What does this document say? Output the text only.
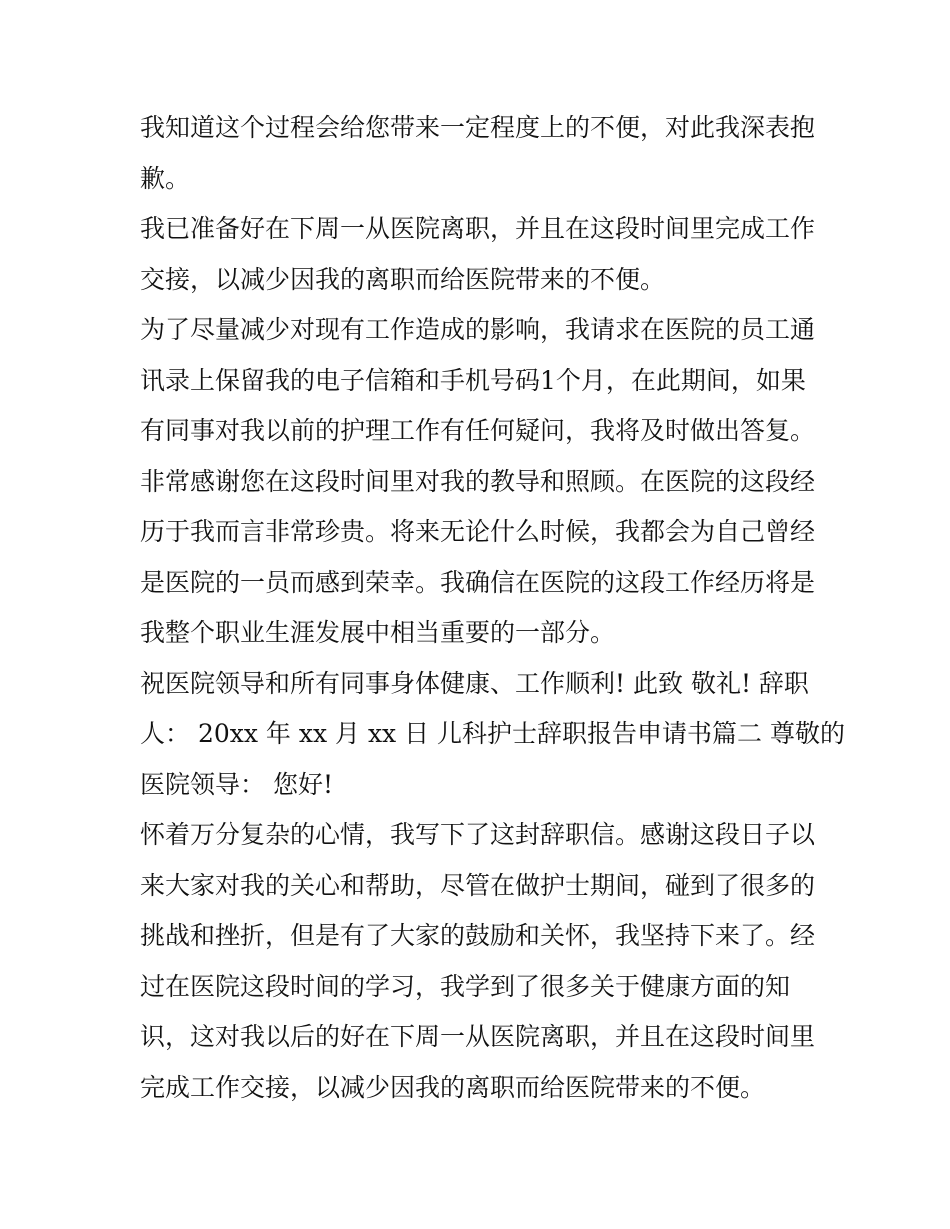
我知道这个过程会给您带来一定程度上的不便，对此我深表抱
歉。
我已准备好在下周一从医院离职，并且在这段时间里完成工作
交接，以减少因我的离职而给医院带来的不便。
为了尽量减少对现有工作造成的影响，我请求在医院的员工通
讯录上保留我的电子信箱和手机号码1个月，在此期间，如果
有同事对我以前的护理工作有任何疑问，我将及时做出答复。
非常感谢您在这段时间里对我的教导和照顾。在医院的这段经
历于我而言非常珍贵。将来无论什么时候，我都会为自己曾经
是医院的一员而感到荣幸。我确信在医院的这段工作经历将是
我整个职业生涯发展中相当重要的一部分。
祝医院领导和所有同事身体健康、工作顺利! 此致 敬礼! 辞职
人： 20xx 年 xx 月 xx 日 儿科护士辞职报告申请书篇二 尊敬的
医院领导： 您好!
怀着万分复杂的心情，我写下了这封辞职信。感谢这段日子以
来大家对我的关心和帮助，尽管在做护士期间，碰到了很多的
挑战和挫折，但是有了大家的鼓励和关怀，我坚持下来了。经
过在医院这段时间的学习，我学到了很多关于健康方面的知
识，这对我以后的好在下周一从医院离职，并且在这段时间里
完成工作交接，以减少因我的离职而给医院带来的不便。
